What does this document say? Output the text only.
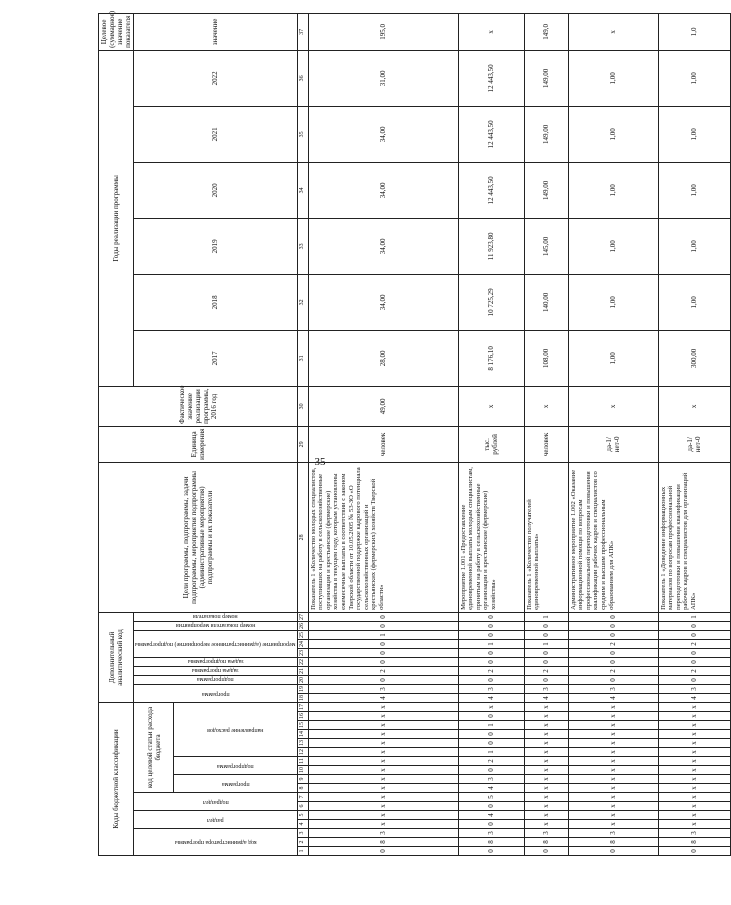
35
Коды бюджетной классификации																	Дополнительный аналитический код										Цели программы, подпрограммы, задачи подпрограммы, мероприятия подпрограммы (административные мероприятия) подпрограммы и их показатели	Единица измерения	Фактическое значение реализации программы, 2016 год	Годы реализации программы						Целевое (суммарное) значение показателя

код администратора программы			раздел		подраздел		код целевой статьи расхода бюджета										программа		подпрограмма	задача программы	задача подпрограммы	мероприятие (административное мероприятие) подпрограммы			номер показателя мероприятия	номер показателя				2017	2018	2019	2020	2021	2022	значение

							программа		подпрограмма		направление расходов																									

1	2	3	4	5	6	7	8	9	10	11	12	13	14	15	16	17	18	19	20	21	22	23	24	25	26	27	28	29	30	31	32	33	34	35	36	37
0	8	3	х	х	х	х	х	х	х	х	х	х	х	х	х	х	4	3	0	2	0	0	0	1	0	0	Показатель 1 «Количество молодых специалистов, поступивших на работу в сельскохозяйственные организации и крестьянские (фермерские) хозяйства в текущем году, которым установлены ежемесячные выплаты в соответствии с законом Тверской области от 10.05.2005 № 53-ЗО «О государственной поддержке кадрового потенциала сельскохозяйственных организаций и крестьянских (фермерских) хозяйств Тверской области»	человек	49,00	28,00	34,00	34,00	34,00	34,00	31,00	195,0
0	8	3	0	4	0	5	4	3	0	2	1	0	0	1	0	х	4	3	0	2	0	0	1	0	0	0	Мероприятие 1.001 «Предоставление единовременной выплаты молодым специалистам, принятым на работу в сельскохозяйственные организации и крестьянские (фермерские) хозяйства»	тыс. рублей	х	8 176,10	10 725,29	11 923,80	12 443,50	12 443,50	12 443,50	х
0	8	3	х	х	х	х	х	х	х	х	х	х	х	х	х	х	4	3	0	2	0	0	1	0	0	1	Показатель 1 «Количество получателей единовременной выплаты»	человек	х	108,00	140,00	145,00	149,00	149,00	149,00	149,0
0	8	3	х	х	х	х	х	х	х	х	х	х	х	х	х	х	4	3	0	2	0	0	2	0	0	0	Административное мероприятие 1.002 «Оказание информационной помощи по вопросам профессиональной переподготовки и повышения квалификации рабочих кадров и специалистов со средним и высшим профессиональным образованием для АПК»	да-1/ нет-0	х	1,00	1,00	1,00	1,00	1,00	1,00	х
0	8	3	х	х	х	х	х	х	х	х	х	х	х	х	х	х	4	3	0	2	0	0	2	0	0	1	Показатель 1 «Доведение информационных материалов по вопросам профессиональной переподготовки и повышения квалификации рабочих кадров и специалистов для организаций АПК»	да-1/ нет-0	х	300,00	1,00	1,00	1,00	1,00	1,00	1,0
